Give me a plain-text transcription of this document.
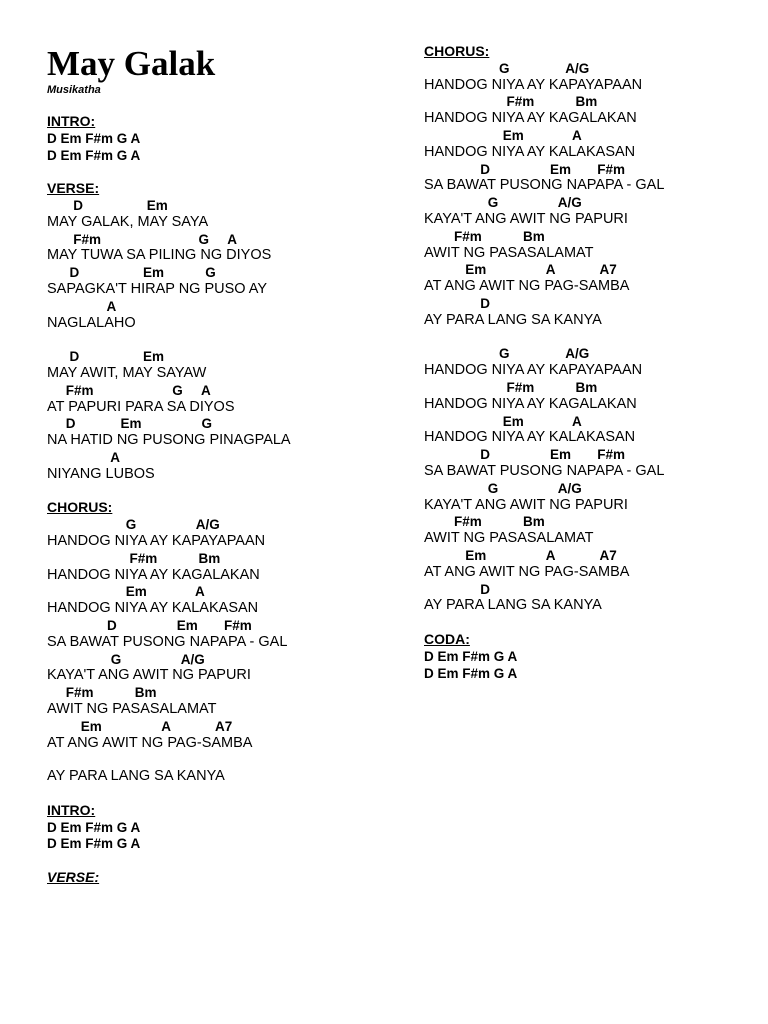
May Galak
Musikatha
INTRO:
D Em F#m G A
D Em F#m G A
VERSE:
D                 Em
MAY GALAK, MAY SAYA
F#m                          G     A
MAY TUWA SA PILING NG DIYOS
D                 Em           G
SAPAGKA'T HIRAP NG PUSO AY
A
NAGLALAHO
D                 Em
MAY AWIT, MAY SAYAW
F#m                     G     A
AT PAPURI PARA SA DIYOS
D            Em                G
NA HATID NG PUSONG PINAGPALA
A
NIYANG LUBOS
CHORUS:
G                A/G
HANDOG NIYA AY KAPAYAPAAN
F#m           Bm
HANDOG NIYA AY KAGALAKAN
Em             A
HANDOG NIYA AY KALAKASAN
D                Em       F#m
SA BAWAT PUSONG NAPAPA - GAL
G                A/G
KAYA'T ANG AWIT NG PAPURI
F#m           Bm
AWIT NG PASASALAMAT
Em                A            A7
AT ANG AWIT NG PAG-SAMBA
AY PARA LANG SA KANYA
INTRO:
D Em F#m G A
D Em F#m G A
VERSE:
CHORUS:
G               A/G
HANDOG NIYA AY KAPAYAPAAN
F#m           Bm
HANDOG NIYA AY KAGALAKAN
Em             A
HANDOG NIYA AY KALAKASAN
D                Em       F#m
SA BAWAT PUSONG NAPAPA - GAL
G                A/G
KAYA'T ANG AWIT NG PAPURI
F#m           Bm
AWIT NG PASASALAMAT
Em                A            A7
AT ANG AWIT NG PAG-SAMBA
D
AY PARA LANG SA KANYA
G               A/G
HANDOG NIYA AY KAPAYAPAAN
F#m           Bm
HANDOG NIYA AY KAGALAKAN
Em             A
HANDOG NIYA AY KALAKASAN
D                Em       F#m
SA BAWAT PUSONG NAPAPA - GAL
G                A/G
KAYA'T ANG AWIT NG PAPURI
F#m           Bm
AWIT NG PASASALAMAT
Em                A            A7
AT ANG AWIT NG PAG-SAMBA
D
AY PARA LANG SA KANYA
CODA:
D Em F#m G A
D Em F#m G A
